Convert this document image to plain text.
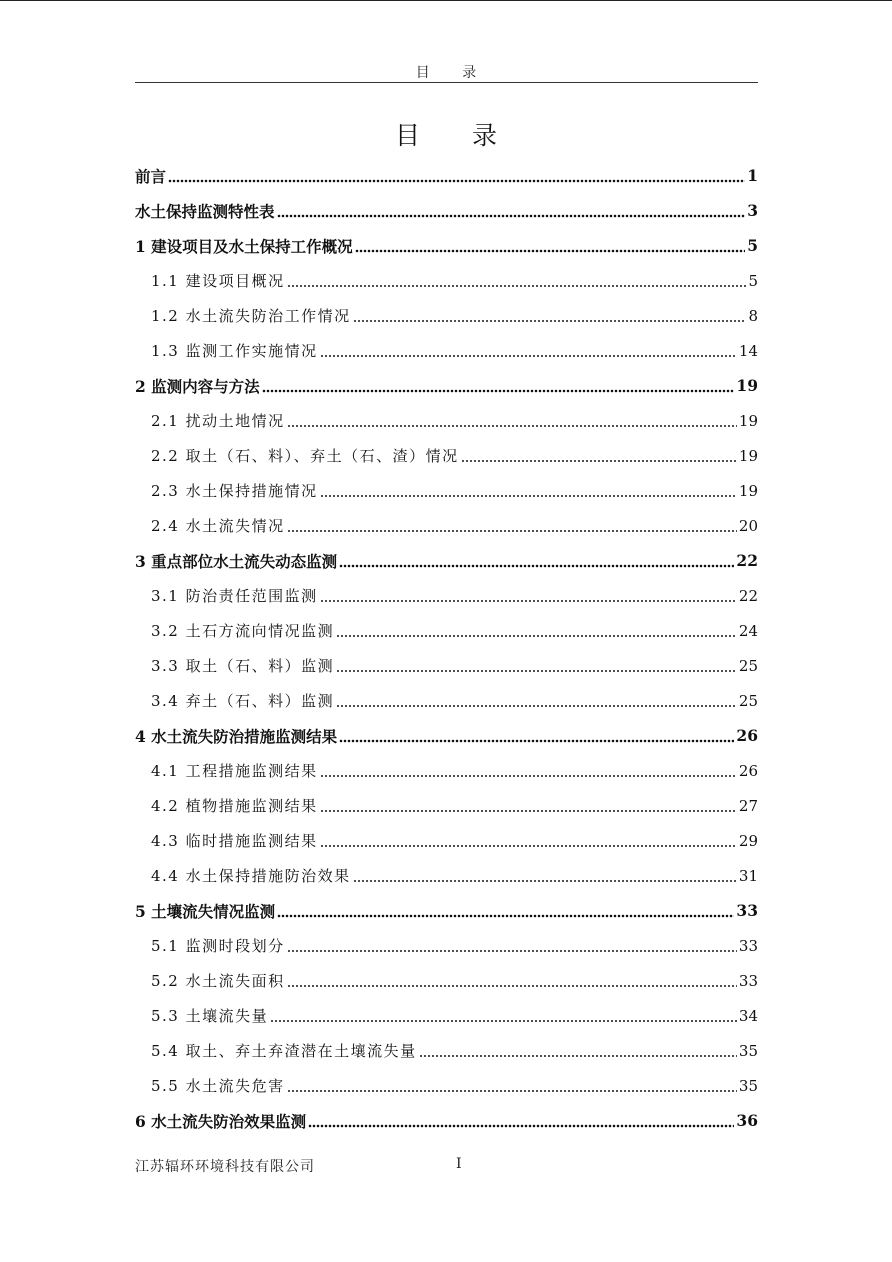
目 录
目 录
前言	1
水土保持监测特性表	3
1 建设项目及水土保持工作概况	5
1.1 建设项目概况	5
1.2 水土流失防治工作情况	8
1.3 监测工作实施情况	14
2 监测内容与方法	19
2.1 扰动土地情况	19
2.2 取土（石、料）、弃土（石、渣）情况	19
2.3 水土保持措施情况	19
2.4 水土流失情况	20
3 重点部位水土流失动态监测	22
3.1 防治责任范围监测	22
3.2 土石方流向情况监测	24
3.3 取土（石、料）监测	25
3.4 弃土（石、料）监测	25
4 水土流失防治措施监测结果	26
4.1 工程措施监测结果	26
4.2 植物措施监测结果	27
4.3 临时措施监测结果	29
4.4 水土保持措施防治效果	31
5 土壤流失情况监测	33
5.1 监测时段划分	33
5.2 水土流失面积	33
5.3 土壤流失量	34
5.4 取土、弃土弃渣潜在土壤流失量	35
5.5 水土流失危害	35
6 水土流失防治效果监测	36
江苏辐环环境科技有限公司	I
